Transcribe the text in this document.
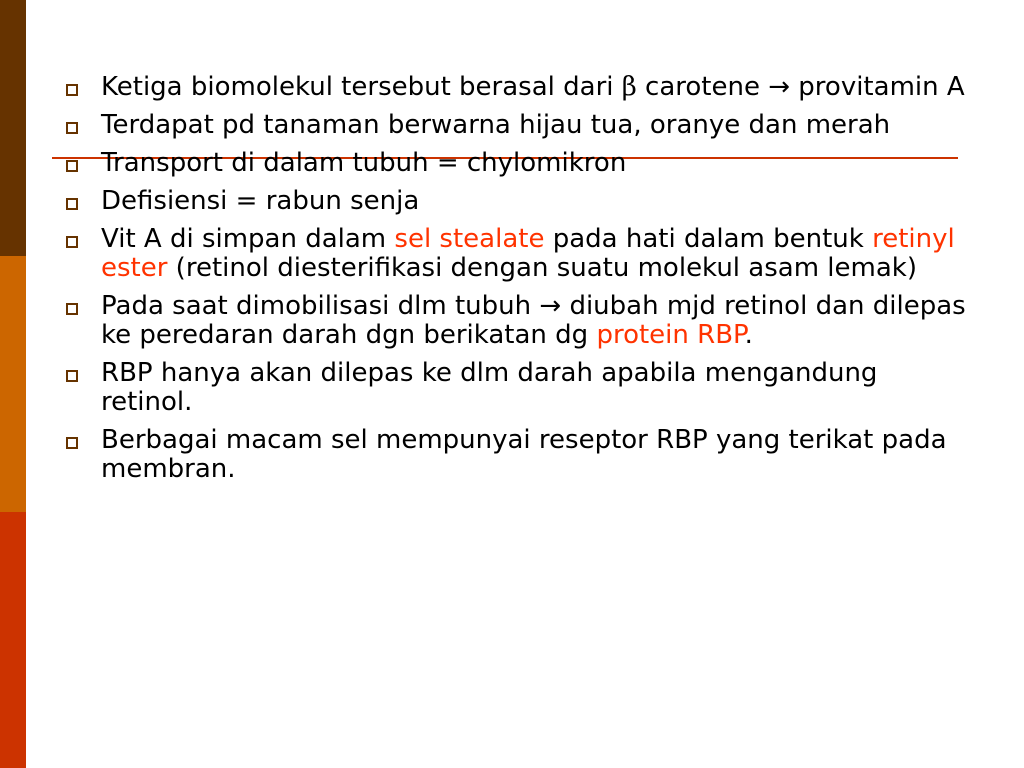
Ketiga biomolekul tersebut berasal dari β carotene → provitamin A
Terdapat pd tanaman berwarna hijau tua, oranye dan merah
Transport di dalam tubuh = chylomikron
Defisiensi = rabun senja
Vit A di simpan dalam sel stealate pada hati dalam bentuk retinyl ester (retinol diesterifikasi dengan suatu molekul asam lemak)
Pada saat dimobilisasi dlm tubuh → diubah mjd retinol dan dilepas ke peredaran darah dgn berikatan dg protein RBP.
RBP hanya akan dilepas ke dlm darah apabila mengandung retinol.
Berbagai macam sel mempunyai reseptor RBP yang terikat pada membran.
